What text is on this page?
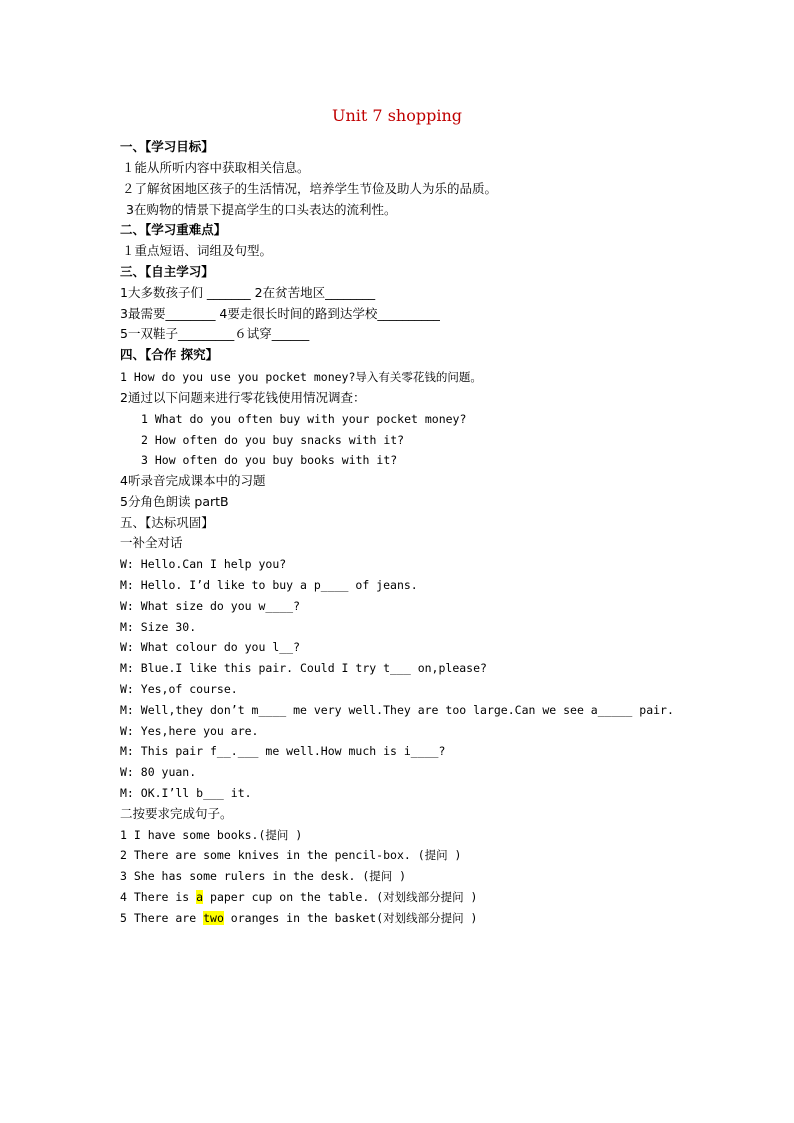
Unit 7 shopping
一、【学习目标】
１能从所听内容中获取相关信息。
２了解贫困地区孩子的生活情况，培养学生节俭及助人为乐的品质。
3在购物的情景下提高学生的口头表达的流利性。
二、【学习重难点】
１重点短语、词组及句型。
三、【自主学习】
1大多数孩子们 _______ 2在贫苦地区________
3最需要________ 4要走很长时间的路到达学校__________
5一双鞋子_________６试穿______
四、【合作 探究】
1 How do you use you pocket money?导入有关零花钱的问题。
2通过以下问题来进行零花钱使用情况调查：
1 What do you often buy with your pocket money?
2 How often do you buy snacks with it?
3 How often do you buy books with it?
4听录音完成课本中的习题
5分角色朗读 partB
五、【达标巩固】
一补全对话
W: Hello.Can I help you?
M: Hello. I’d like to buy a p____ of jeans.
W: What size do you w____?
M: Size 30.
W: What colour do you l__?
M: Blue.I like this pair. Could I try t___ on,please?
W: Yes,of course.
M: Well,they don’t m____ me very well.They are too large.Can we see a_____ pair.
W: Yes,here you are.
M: This pair f__.___ me well.How much is i____?
W: 80 yuan.
M: OK.I’ll b___ it.
二按要求完成句子。
1 I have some books.(提问 )
2 There are some knives in the pencil-box. (提问 )
3 She has some rulers in the desk. (提问 )
4 There is a paper cup on the table. (对划线部分提问 )
5 There are two oranges in the basket(对划线部分提问 )
